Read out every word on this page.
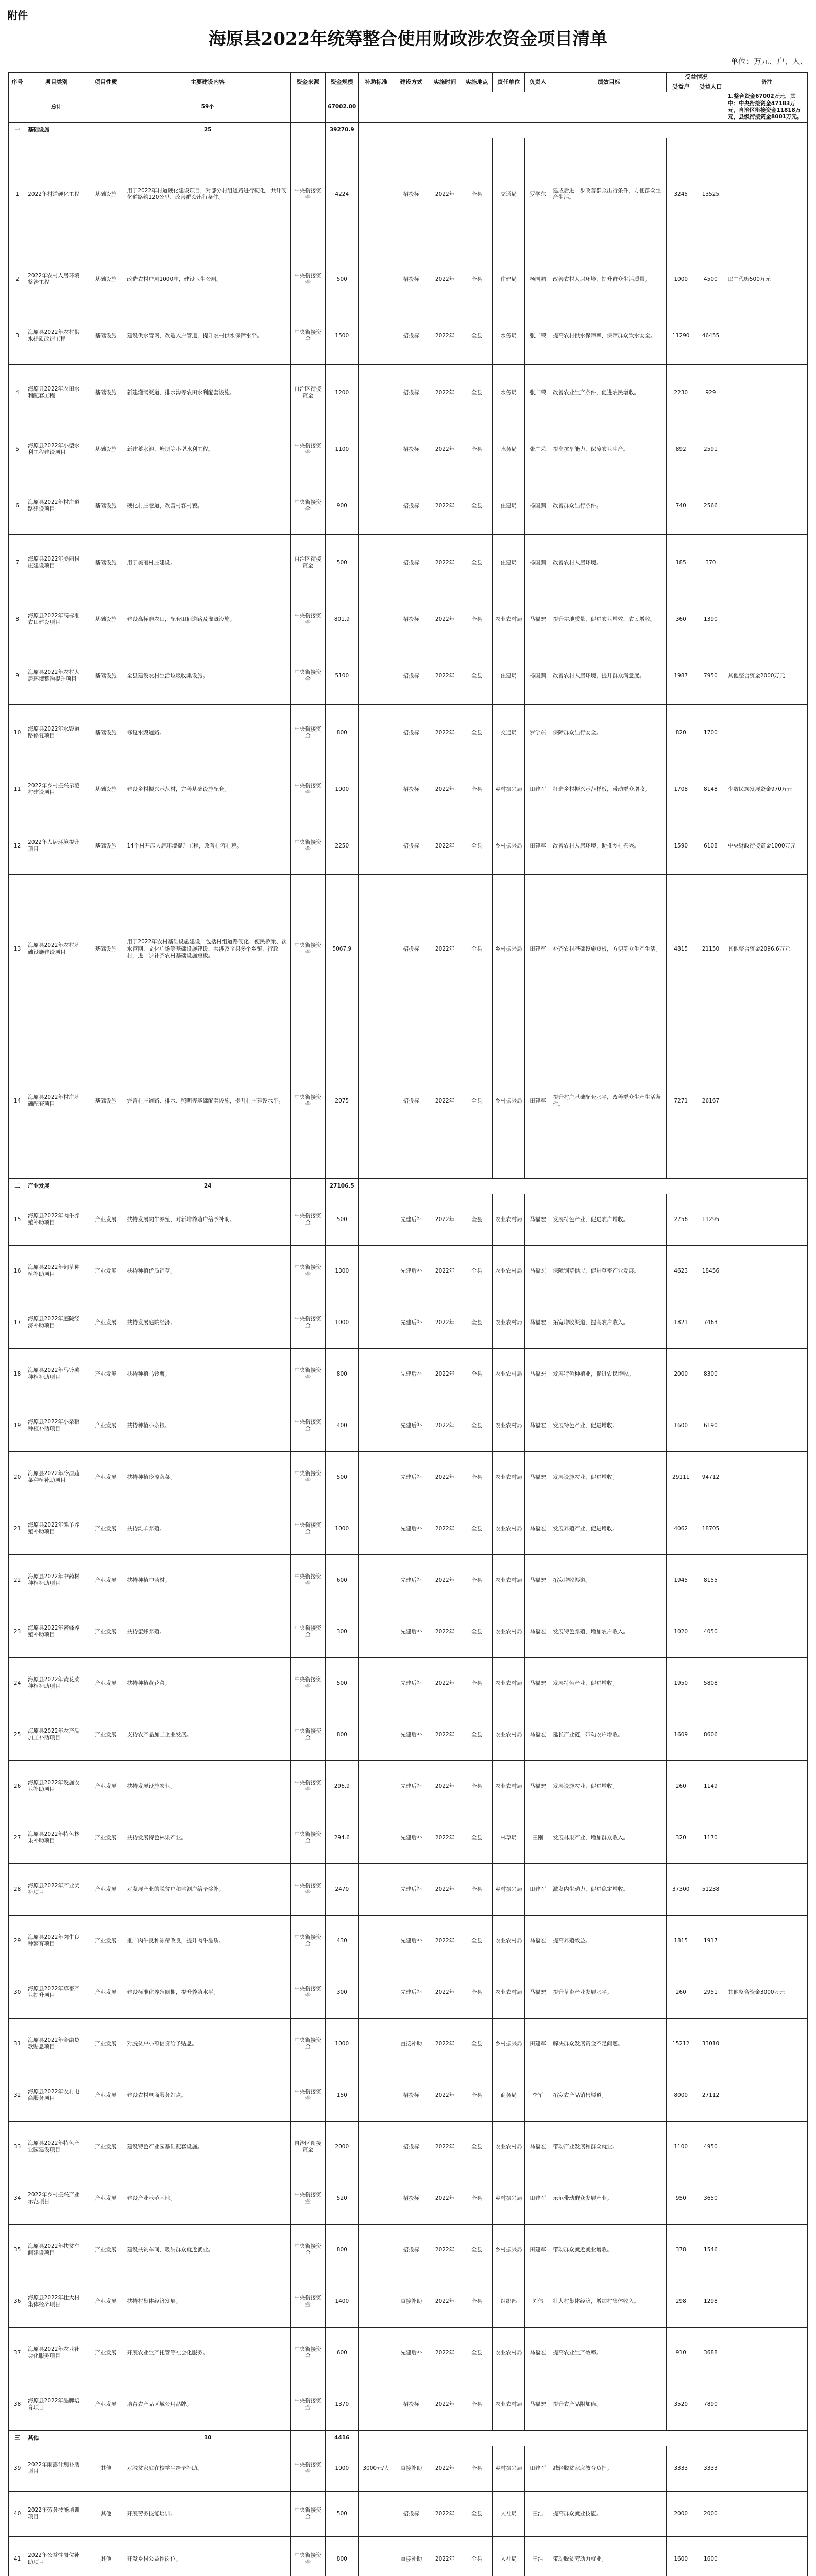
附件
海原县2022年统筹整合使用财政涉农资金项目清单
单位：万元、户、人、
序号	项目类别	项目性质	主要建设内容	资金来源	资金规模	补助标准	建设方式	实施时间	实施地点	责任单位	负责人	绩效目标	受益情况		备注
													受益户	受益人口	
	总计		59个		67002.00										1.整合资金67002万元，其中：中央衔接资金47183万元，自治区衔接资金11818万元，县级衔接资金8001万元。
一	基础设施		25		39270.9										
1	2022年村道硬化工程	基础设施	用于2022年村道硬化建设项目，对部分村组道路进行硬化，共计硬化道路约120公里，改善群众出行条件。	中央衔接资金	4224		招投标	2022年	全县	交通局	罗学东	建成后进一步改善群众出行条件，方便群众生产生活。	3245	13525	
2	2022年农村人居环境整治工程	基础设施	改造农村户厕1000座，建设卫生公厕。	中央衔接资金	500		招投标	2022年	全县	住建局	杨国鹏	改善农村人居环境，提升群众生活质量。	1000	4500	以工代赈500万元
3	海原县2022年农村供水提质改造工程	基础设施	建设供水管网，改造入户管道，提升农村供水保障水平。	中央衔接资金	1500		招投标	2022年	全县	水务局	张广荣	提高农村供水保障率，保障群众饮水安全。	11290	46455	
4	海原县2022年农田水利配套工程	基础设施	新建灌溉渠道、排水沟等农田水利配套设施。	自治区衔接资金	1200		招投标	2022年	全县	水务局	张广荣	改善农业生产条件，促进农民增收。	2230	929	
5	海原县2022年小型水利工程建设项目	基础设施	新建蓄水池、塘坝等小型水利工程。	中央衔接资金	1100		招投标	2022年	全县	水务局	张广荣	提高抗旱能力，保障农业生产。	892	2591	
6	海原县2022年村庄道路建设项目	基础设施	硬化村庄巷道，改善村容村貌。	中央衔接资金	900		招投标	2022年	全县	住建局	杨国鹏	改善群众出行条件。	740	2566	
7	海原县2022年美丽村庄建设项目	基础设施	用于美丽村庄建设。	自治区衔接资金	500		招投标	2022年	全县	住建局	杨国鹏	改善农村人居环境。	185	370	
8	海原县2022年高标准农田建设项目	基础设施	建设高标准农田，配套田间道路及灌溉设施。	中央衔接资金	801.9		招投标	2022年	全县	农业农村局	马福宏	提升耕地质量，促进农业增效、农民增收。	360	1390	
9	海原县2022年农村人居环境整治提升项目	基础设施	全县建设农村生活垃圾收集设施。	中央衔接资金	5100		招投标	2022年	全县	住建局	杨国鹏	改善农村人居环境，提升群众满意度。	1987	7950	其他整合资金2000万元
10	海原县2022年水毁道路修复项目	基础设施	修复水毁道路。	中央衔接资金	800		招投标	2022年	全县	交通局	罗学东	保障群众出行安全。	820	1700	
11	2022年乡村振兴示范村建设项目	基础设施	建设乡村振兴示范村，完善基础设施配套。	中央衔接资金	1000		招投标	2022年	全县	乡村振兴局	田建军	打造乡村振兴示范样板，带动群众增收。	1708	8148	少数民族发展资金970万元
12	2022年人居环境提升项目	基础设施	14个村开展人居环境提升工程，改善村容村貌。	中央衔接资金	2250		招投标	2022年	全县	乡村振兴局	田建军	改善农村人居环境，助推乡村振兴。	1590	6108	中央财政衔接资金1000万元
13	海原县2022年农村基础设施建设项目	基础设施	用于2022年农村基础设施建设，包括村组道路硬化、便民桥梁、饮水管网、文化广场等基础设施建设，共涉及全县多个乡镇、行政村，进一步补齐农村基础设施短板。	中央衔接资金	5067.9		招投标	2022年	全县	乡村振兴局	田建军	补齐农村基础设施短板，方便群众生产生活。	4815	21150	其他整合资金2096.6万元
14	海原县2022年村庄基础配套项目	基础设施	完善村庄道路、排水、照明等基础配套设施，提升村庄建设水平。	中央衔接资金	2075		招投标	2022年	全县	乡村振兴局	田建军	提升村庄基础配套水平，改善群众生产生活条件。	7271	26167	
二	产业发展		24		27106.5										
15	海原县2022年肉牛养殖补助项目	产业发展	扶持发展肉牛养殖，对新增养殖户给予补助。	中央衔接资金	500		先建后补	2022年	全县	农业农村局	马福宏	发展特色产业，促进农户增收。	2756	11295	
16	海原县2022年饲草种植补助项目	产业发展	扶持种植优质饲草。	中央衔接资金	1300		先建后补	2022年	全县	农业农村局	马福宏	保障饲草供应，促进草畜产业发展。	4623	18456	
17	海原县2022年庭院经济补助项目	产业发展	扶持发展庭院经济。	中央衔接资金	1000		先建后补	2022年	全县	农业农村局	马福宏	拓宽增收渠道，提高农户收入。	1821	7463	
18	海原县2022年马铃薯种植补助项目	产业发展	扶持种植马铃薯。	中央衔接资金	800		先建后补	2022年	全县	农业农村局	马福宏	发展特色种植业，促进农民增收。	2000	8300	
19	海原县2022年小杂粮种植补助项目	产业发展	扶持种植小杂粮。	中央衔接资金	400		先建后补	2022年	全县	农业农村局	马福宏	发展特色产业，促进增收。	1600	6190	
20	海原县2022年冷凉蔬菜种植补助项目	产业发展	扶持种植冷凉蔬菜。	中央衔接资金	500		先建后补	2022年	全县	农业农村局	马福宏	发展设施农业，促进增收。	29111	94712	
21	海原县2022年滩羊养殖补助项目	产业发展	扶持滩羊养殖。	中央衔接资金	1000		先建后补	2022年	全县	农业农村局	马福宏	发展养殖产业，促进增收。	4062	18705	
22	海原县2022年中药材种植补助项目	产业发展	扶持种植中药材。	中央衔接资金	600		先建后补	2022年	全县	农业农村局	马福宏	拓宽增收渠道。	1945	8155	
23	海原县2022年蜜蜂养殖补助项目	产业发展	扶持蜜蜂养殖。	中央衔接资金	300		先建后补	2022年	全县	农业农村局	马福宏	发展特色养殖，增加农户收入。	1020	4050	
24	海原县2022年黄花菜种植补助项目	产业发展	扶持种植黄花菜。	中央衔接资金	500		先建后补	2022年	全县	农业农村局	马福宏	发展特色产业，促进增收。	1950	5808	
25	海原县2022年农产品加工补助项目	产业发展	支持农产品加工企业发展。	中央衔接资金	800		先建后补	2022年	全县	农业农村局	马福宏	延长产业链，带动农户增收。	1609	8606	
26	海原县2022年设施农业补助项目	产业发展	扶持发展设施农业。	中央衔接资金	296.9		先建后补	2022年	全县	农业农村局	马福宏	发展设施农业，促进增收。	260	1149	
27	海原县2022年特色林果补助项目	产业发展	扶持发展特色林果产业。	中央衔接资金	294.6		先建后补	2022年	全县	林草局	王刚	发展林果产业，增加群众收入。	320	1170	
28	海原县2022年产业奖补项目	产业发展	对发展产业的脱贫户和监测户给予奖补。	中央衔接资金	2470		先建后补	2022年	全县	乡村振兴局	田建军	激发内生动力，促进稳定增收。	37300	51238	
29	海原县2022年肉牛良种繁育项目	产业发展	推广肉牛良种冻精改良，提升肉牛品质。	中央衔接资金	430		先建后补	2022年	全县	农业农村局	马福宏	提高养殖效益。	1815	1917	
30	海原县2022年草畜产业提升项目	产业发展	建设标准化养殖圈棚，提升养殖水平。	中央衔接资金	300		先建后补	2022年	全县	农业农村局	马福宏	提升草畜产业发展水平。	260	2951	其他整合资金3000万元
31	海原县2022年金融贷款贴息项目	产业发展	对脱贫户小额信贷给予贴息。	中央衔接资金	1000		直接补助	2022年	全县	乡村振兴局	田建军	解决群众发展资金不足问题。	15212	33010	
32	海原县2022年农村电商服务项目	产业发展	建设农村电商服务站点。	中央衔接资金	150		招投标	2022年	全县	商务局	李军	拓宽农产品销售渠道。	8000	27112	
33	海原县2022年特色产业园建设项目	产业发展	建设特色产业园基础配套设施。	自治区衔接资金	2000		招投标	2022年	全县	农业农村局	马福宏	带动产业发展和群众就业。	1100	4950	
34	2022年乡村振兴产业示范项目	产业发展	建设产业示范基地。	中央衔接资金	520		招投标	2022年	全县	乡村振兴局	田建军	示范带动群众发展产业。	950	3650	
35	海原县2022年扶贫车间建设项目	产业发展	建设扶贫车间，吸纳群众就近就业。	中央衔接资金	800		招投标	2022年	全县	乡村振兴局	田建军	带动群众就近就业增收。	378	1546	
36	海原县2022年壮大村集体经济项目	产业发展	扶持村集体经济发展。	中央衔接资金	1400		直接补助	2022年	全县	组织部	刘伟	壮大村集体经济，增加村集体收入。	298	1298	
37	海原县2022年农业社会化服务项目	产业发展	开展农业生产托管等社会化服务。	中央衔接资金	600		先建后补	2022年	全县	农业农村局	马福宏	提高农业生产效率。	910	3688	
38	海原县2022年品牌培育项目	产业发展	培育农产品区域公用品牌。	中央衔接资金	1370		招投标	2022年	全县	农业农村局	马福宏	提升农产品附加值。	3520	7890	
三	其他		10		4416										
39	2022年雨露计划补助项目	其他	对脱贫家庭在校学生给予补助。	中央衔接资金	1000	3000元/人	直接补助	2022年	全县	乡村振兴局	田建军	减轻脱贫家庭教育负担。	3333	3333	
40	2022年劳务技能培训项目	其他	开展劳务技能培训。	中央衔接资金	500		招投标	2022年	全县	人社局	王浩	提高群众就业技能。	2000	2000	
41	2022年公益性岗位补助项目	其他	开发乡村公益性岗位。	中央衔接资金	800		直接补助	2022年	全县	人社局	王浩	带动脱贫劳动力就业。	1600	1600	
